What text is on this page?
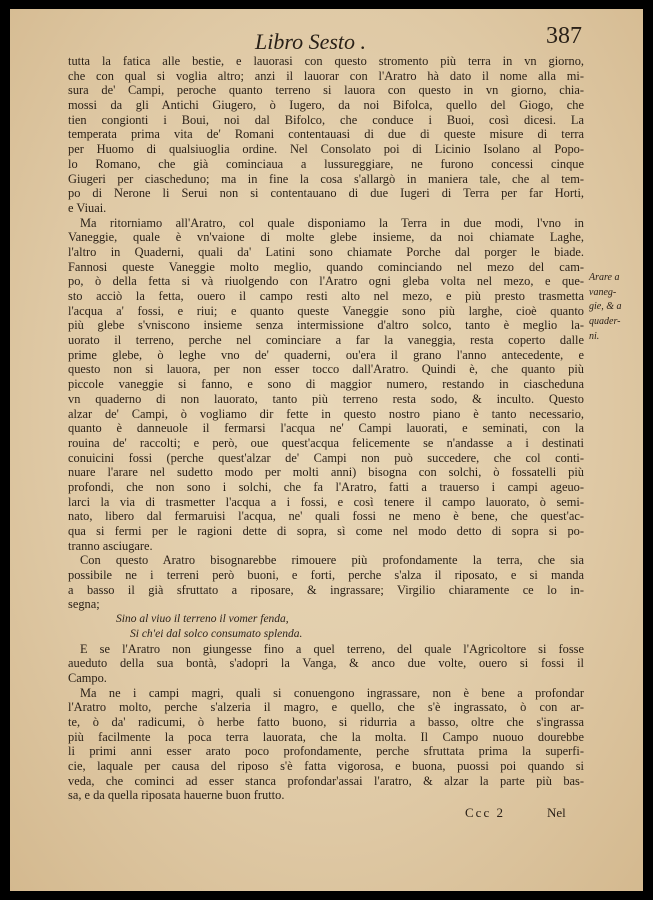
Libro Sesto .	387
tutta la fatica alle bestie, e lauorasi con questo stromento più terra in vn giorno,
che con qual si voglia altro; anzi il lauorar con l'Aratro hà dato il nome alla mi-
sura de' Campi, peroche quanto terreno si lauora con questo in vn giorno, chia-
mossi da gli Antichi Giugero, ò Iugero, da noi Bifolca, quello del Giogo, che
tien congionti i Boui, noi dal Bifolco, che conduce i Buoi, così dicesi. La
temperata prima vita de' Romani contentauasi di due di queste misure di terra
per Huomo di qualsiuoglia ordine. Nel Consolato poi di Licinio Isolano al Popo-
lo Romano, che già cominciaua a lussureggiare, ne furono concessi cinque
Giugeri per ciascheduno; ma in fine la cosa s'allargò in maniera tale, che al tem-
po di Nerone li Serui non si contentauano di due Iugeri di Terra per far Horti,
e Viuai.
Ma ritorniamo all'Aratro, col quale disponiamo la Terra in due modi, l'vno in
Vaneggie, quale è vn'vaione di molte glebe insieme, da noi chiamate Laghe,
l'altro in Quaderni, quali da' Latini sono chiamate Porche dal porger le biade.
Fannosi queste Vaneggie molto meglio, quando cominciando nel mezo del cam-
po, ò della fetta si và riuolgendo con l'Aratro ogni gleba volta nel mezo, e que-
sto acciò la fetta, ouero il campo resti alto nel mezo, e più presto trasmetta
l'acqua a' fossi, e riui; e quanto queste Vaneggie sono più larghe, cioè quanto
più glebe s'vniscono insieme senza intermissione d'altro solco, tanto è meglio la-
uorato il terreno, perche nel cominciare a far la vaneggia, resta coperto dalle
prime glebe, ò leghe vno de' quaderni, ou'era il grano l'anno antecedente, e
questo non si lauora, per non esser tocco dall'Aratro. Quindi è, che quanto più
piccole vaneggie si fanno, e sono di maggior numero, restando in ciascheduna
vn quaderno di non lauorato, tanto più terreno resta sodo, & inculto. Questo
alzar de' Campi, ò vogliamo dir fette in questo nostro piano è tanto necessario,
quanto è danneuole il fermarsi l'acqua ne' Campi lauorati, e seminati, con la
rouina de' raccolti; e però, oue quest'acqua felicemente se n'andasse a i destinati
conuicini fossi (perche quest'alzar de' Campi non può succedere, che col conti-
nuare l'arare nel sudetto modo per molti anni) bisogna con solchi, ò fossatelli più
profondi, che non sono i solchi, che fa l'Aratro, fatti a trauerso i campi ageuo-
larci la via di trasmetter l'acqua a i fossi, e così tenere il campo lauorato, ò semi-
nato, libero dal fermaruisi l'acqua, ne' quali fossi ne meno è bene, che quest'ac-
qua si fermi per le ragioni dette di sopra, sì come nel modo detto di sopra si po-
tranno asciugare.
Con questo Aratro bisognarebbe rimouere più profondamente la terra, che sia
possibile ne i terreni però buoni, e forti, perche s'alza il riposato, e si manda
a basso il già sfruttato a riposare, & ingrassare; Virgilio chiaramente ce lo in-
segna;
Sino al viuo il terreno il vomer fenda,
Si ch'ei dal solco consumato splenda.
E se l'Aratro non giungesse fino a quel terreno, del quale l'Agricoltore si fosse
aueduto della sua bontà, s'adopri la Vanga, & anco due volte, ouero si fossi il
Campo.
Ma ne i campi magri, quali si conuengono ingrassare, non è bene a profondar
l'Aratro molto, perche s'alzeria il magro, e quello, che s'è ingrassato, ò con ar-
te, ò da' radicumi, ò herbe fatto buono, si ridurria a basso, oltre che s'ingrassa
più facilmente la poca terra lauorata, che la molta. Il Campo nuouo dourebbe
li primi anni esser arato poco profondamente, perche sfruttata prima la superfi-
cie, laquale per causa del riposo s'è fatta vigorosa, e buona, puossi poi quando si
veda, che cominci ad esser stanca profondar'assai l'aratro, & alzar la parte più bas-
sa, e da quella riposata hauerne buon frutto.
Arare a
vaneg-
gie, & a
quader-
ni.
Ccc 2	Nel
